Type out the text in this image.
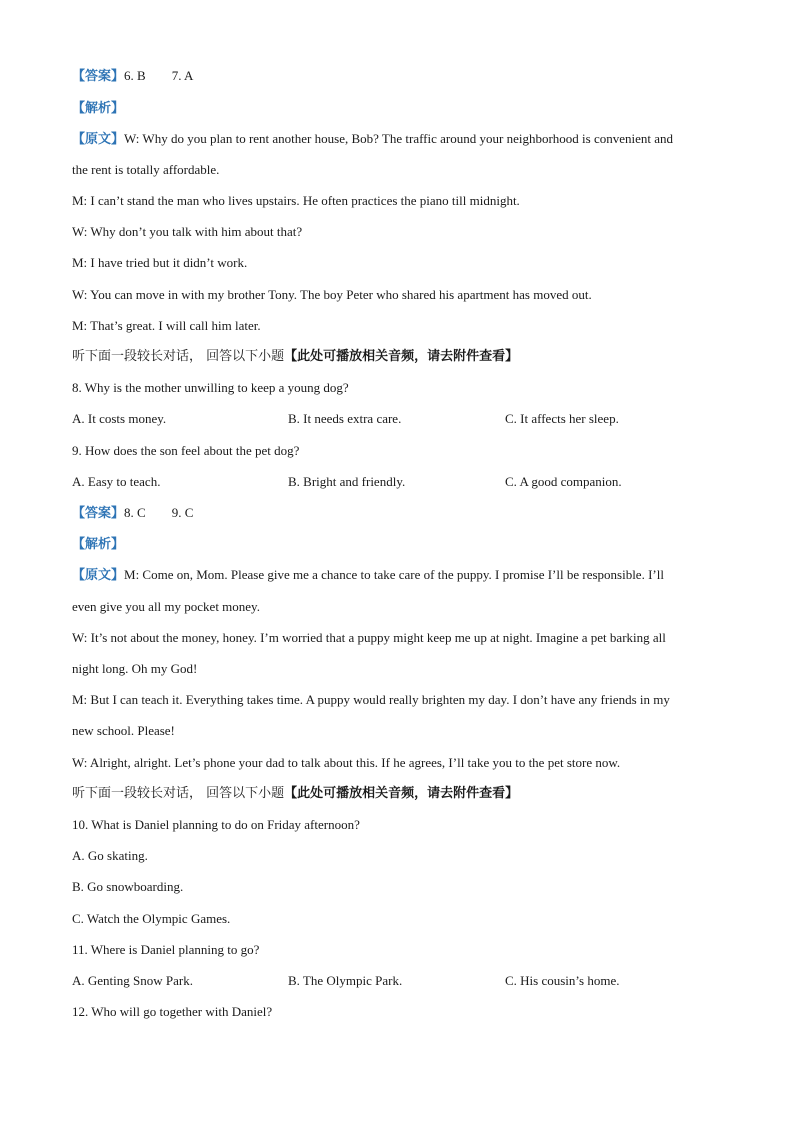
【答案】6. B 7. A
【解析】
【原文】W: Why do you plan to rent another house, Bob? The traffic around your neighborhood is convenient and
the rent is totally affordable.
M: I can’t stand the man who lives upstairs. He often practices the piano till midnight.
W: Why don’t you talk with him about that?
M: I have tried but it didn’t work.
W: You can move in with my brother Tony. The boy Peter who shared his apartment has moved out.
M: That’s great. I will call him later.
听下面一段较长对话， 回答以下小题【此处可播放相关音频，请去附件查看】
8. Why is the mother unwilling to keep a young dog?
A. It costs money.	B. It needs extra care.	C. It affects her sleep.
9. How does the son feel about the pet dog?
A. Easy to teach.	B. Bright and friendly.	C. A good companion.
【答案】8. C 9. C
【解析】
【原文】M: Come on, Mom. Please give me a chance to take care of the puppy. I promise I’ll be responsible. I’ll
even give you all my pocket money.
W: It’s not about the money, honey. I’m worried that a puppy might keep me up at night. Imagine a pet barking all
night long. Oh my God!
M: But I can teach it. Everything takes time. A puppy would really brighten my day. I don’t have any friends in my
new school. Please!
W: Alright, alright. Let’s phone your dad to talk about this. If he agrees, I’ll take you to the pet store now.
听下面一段较长对话， 回答以下小题【此处可播放相关音频，请去附件查看】
10. What is Daniel planning to do on Friday afternoon?
A. Go skating.
B. Go snowboarding.
C. Watch the Olympic Games.
11. Where is Daniel planning to go?
A. Genting Snow Park.	B. The Olympic Park.	C. His cousin’s home.
12. Who will go together with Daniel?
